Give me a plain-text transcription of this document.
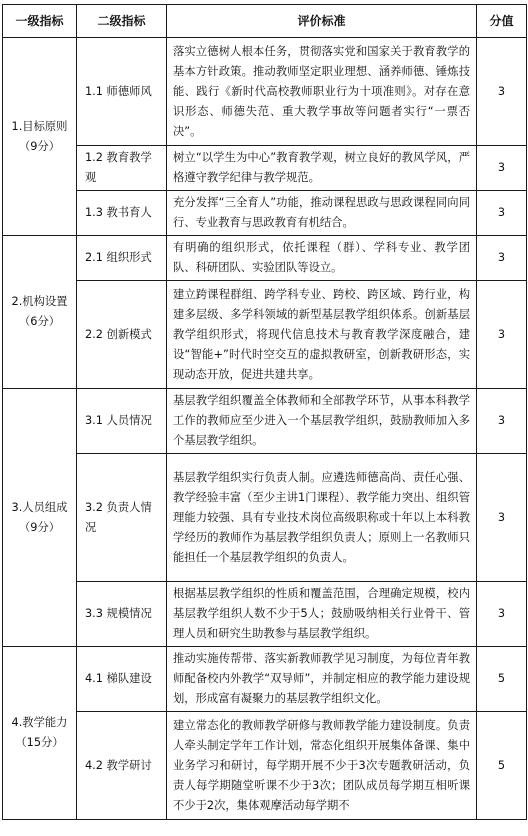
一级指标	二级指标	评价标准	分值
1.目标原则（9分）	1.1 师德师风	落实立德树人根本任务，贯彻落实党和国家关于教育教学的基本方针政策。推动教师坚定职业理想、涵养师德、锤炼技能、践行《新时代高校教师职业行为十项准则》。对存在意识形态、师德失范、重大教学事故等问题者实行“一票否决”。	3
	1.2 教育教学观	树立“以学生为中心”教育教学观，树立良好的教风学风，严格遵守教学纪律与教学规范。	3
	1.3 教书育人	充分发挥“三全育人”功能，推动课程思政与思政课程同向同行、专业教育与思政教育有机结合。	3
2.机构设置（6分）	2.1 组织形式	有明确的组织形式，依托课程（群）、学科专业、教学团队、科研团队、实验团队等设立。	3
	2.2 创新模式	建立跨课程群组、跨学科专业、跨校、跨区域、跨行业，构建多层级、多学科领域的新型基层教学组织体系。创新基层教学组织形式，将现代信息技术与教育教学深度融合，建设“智能+”时代时空交互的虚拟教研室，创新教研形态，实现动态开放，促进共建共享。	3
3.人员组成（9分）	3.1 人员情况	基层教学组织覆盖全体教师和全部教学环节，从事本科教学工作的教师应至少进入一个基层教学组织，鼓励教师加入多个基层教学组织。	3
	3.2 负责人情况	基层教学组织实行负责人制。应遴选师德高尚、责任心强、教学经验丰富（至少主讲1门课程）、教学能力突出、组织管理能力较强、具有专业技术岗位高级职称或十年以上本科教学经历的教师作为基层教学组织负责人；原则上一名教师只能担任一个基层教学组织的负责人。	3
	3.3 规模情况	根据基层教学组织的性质和覆盖范围，合理确定规模，校内基层教学组织人数不少于5人；鼓励吸纳相关行业骨干、管理人员和研究生助教参与基层教学组织。	3
4.教学能力（15分）	4.1 梯队建设	推动实施传帮带、落实新教师教学见习制度，为每位青年教师配备校内外教学“双导师”，并制定相应的教学能力建设规划，形成富有凝聚力的基层教学组织文化。	5
	4.2 教学研讨	建立常态化的教师教学研修与教师教学能力建设制度。负责人牵头制定学年工作计划，常态化组织开展集体备课、集中业务学习和研讨，每学期开展不少于3次专题教研活动，负责人每学期随堂听课不少于3次；团队成员每学期互相听课不少于2次，集体观摩活动每学期不	5
